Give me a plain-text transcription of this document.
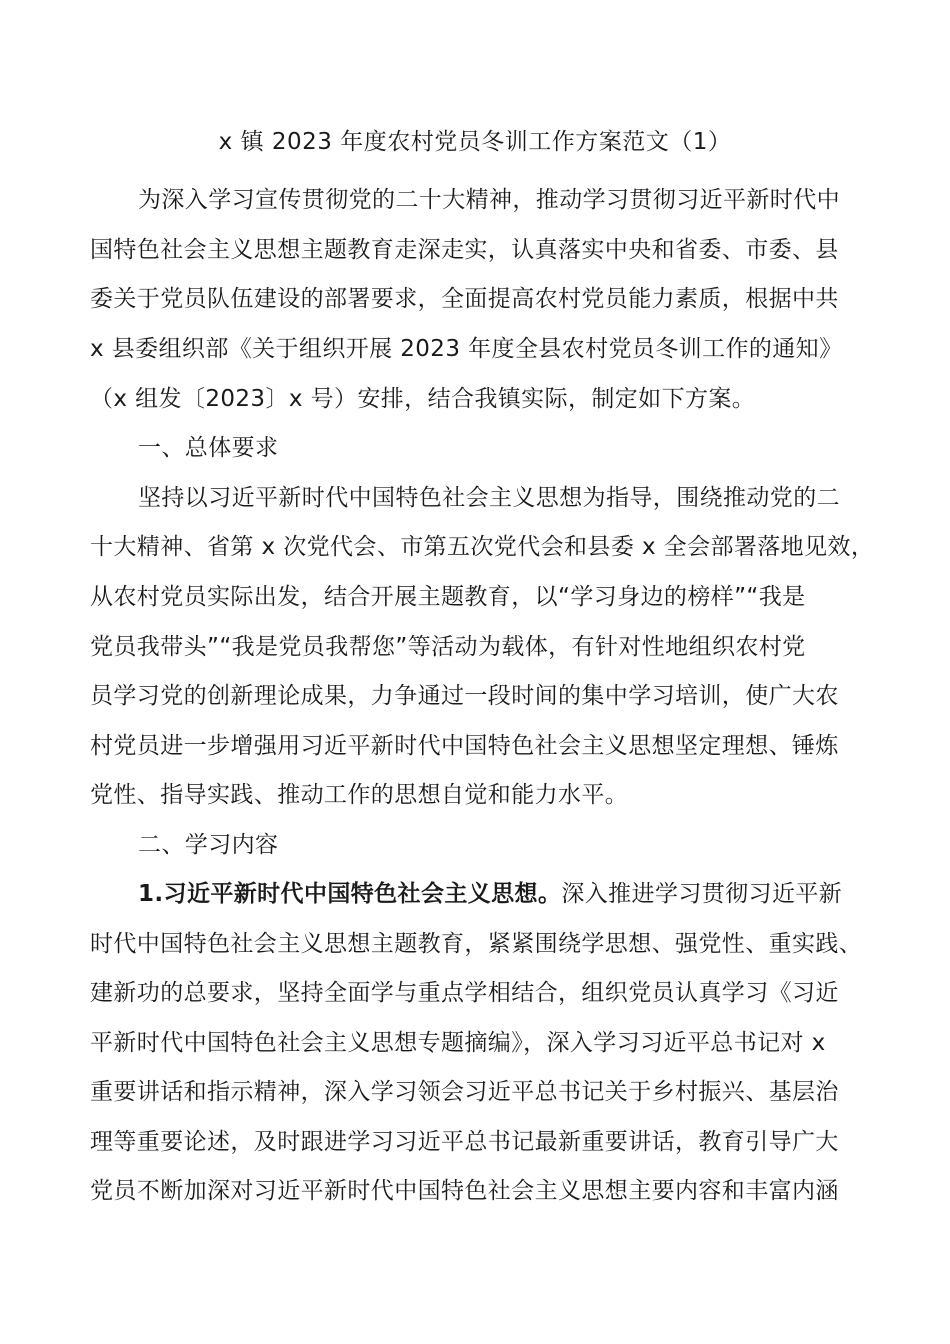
x 镇 2023 年度农村党员冬训工作方案范文（1）
为深入学习宣传贯彻党的二十大精神，推动学习贯彻习近平新时代中
国特色社会主义思想主题教育走深走实，认真落实中央和省委、市委、县
委关于党员队伍建设的部署要求，全面提高农村党员能力素质，根据中共
x 县委组织部《关于组织开展 2023 年度全县农村党员冬训工作的通知》
（x 组发〔2023〕x 号）安排，结合我镇实际，制定如下方案。
一、总体要求
坚持以习近平新时代中国特色社会主义思想为指导，围绕推动党的二
十大精神、省第 x 次党代会、市第五次党代会和县委 x 全会部署落地见效，
从农村党员实际出发，结合开展主题教育，以“学习身边的榜样”“我是
党员我带头”“我是党员我帮您”等活动为载体，有针对性地组织农村党
员学习党的创新理论成果，力争通过一段时间的集中学习培训，使广大农
村党员进一步增强用习近平新时代中国特色社会主义思想坚定理想、锤炼
党性、指导实践、推动工作的思想自觉和能力水平。
二、学习内容
1.习近平新时代中国特色社会主义思想。深入推进学习贯彻习近平新
时代中国特色社会主义思想主题教育，紧紧围绕学思想、强党性、重实践、
建新功的总要求，坚持全面学与重点学相结合，组织党员认真学习《习近
平新时代中国特色社会主义思想专题摘编》，深入学习习近平总书记对 x
重要讲话和指示精神，深入学习领会习近平总书记关于乡村振兴、基层治
理等重要论述，及时跟进学习习近平总书记最新重要讲话，教育引导广大
党员不断加深对习近平新时代中国特色社会主义思想主要内容和丰富内涵
